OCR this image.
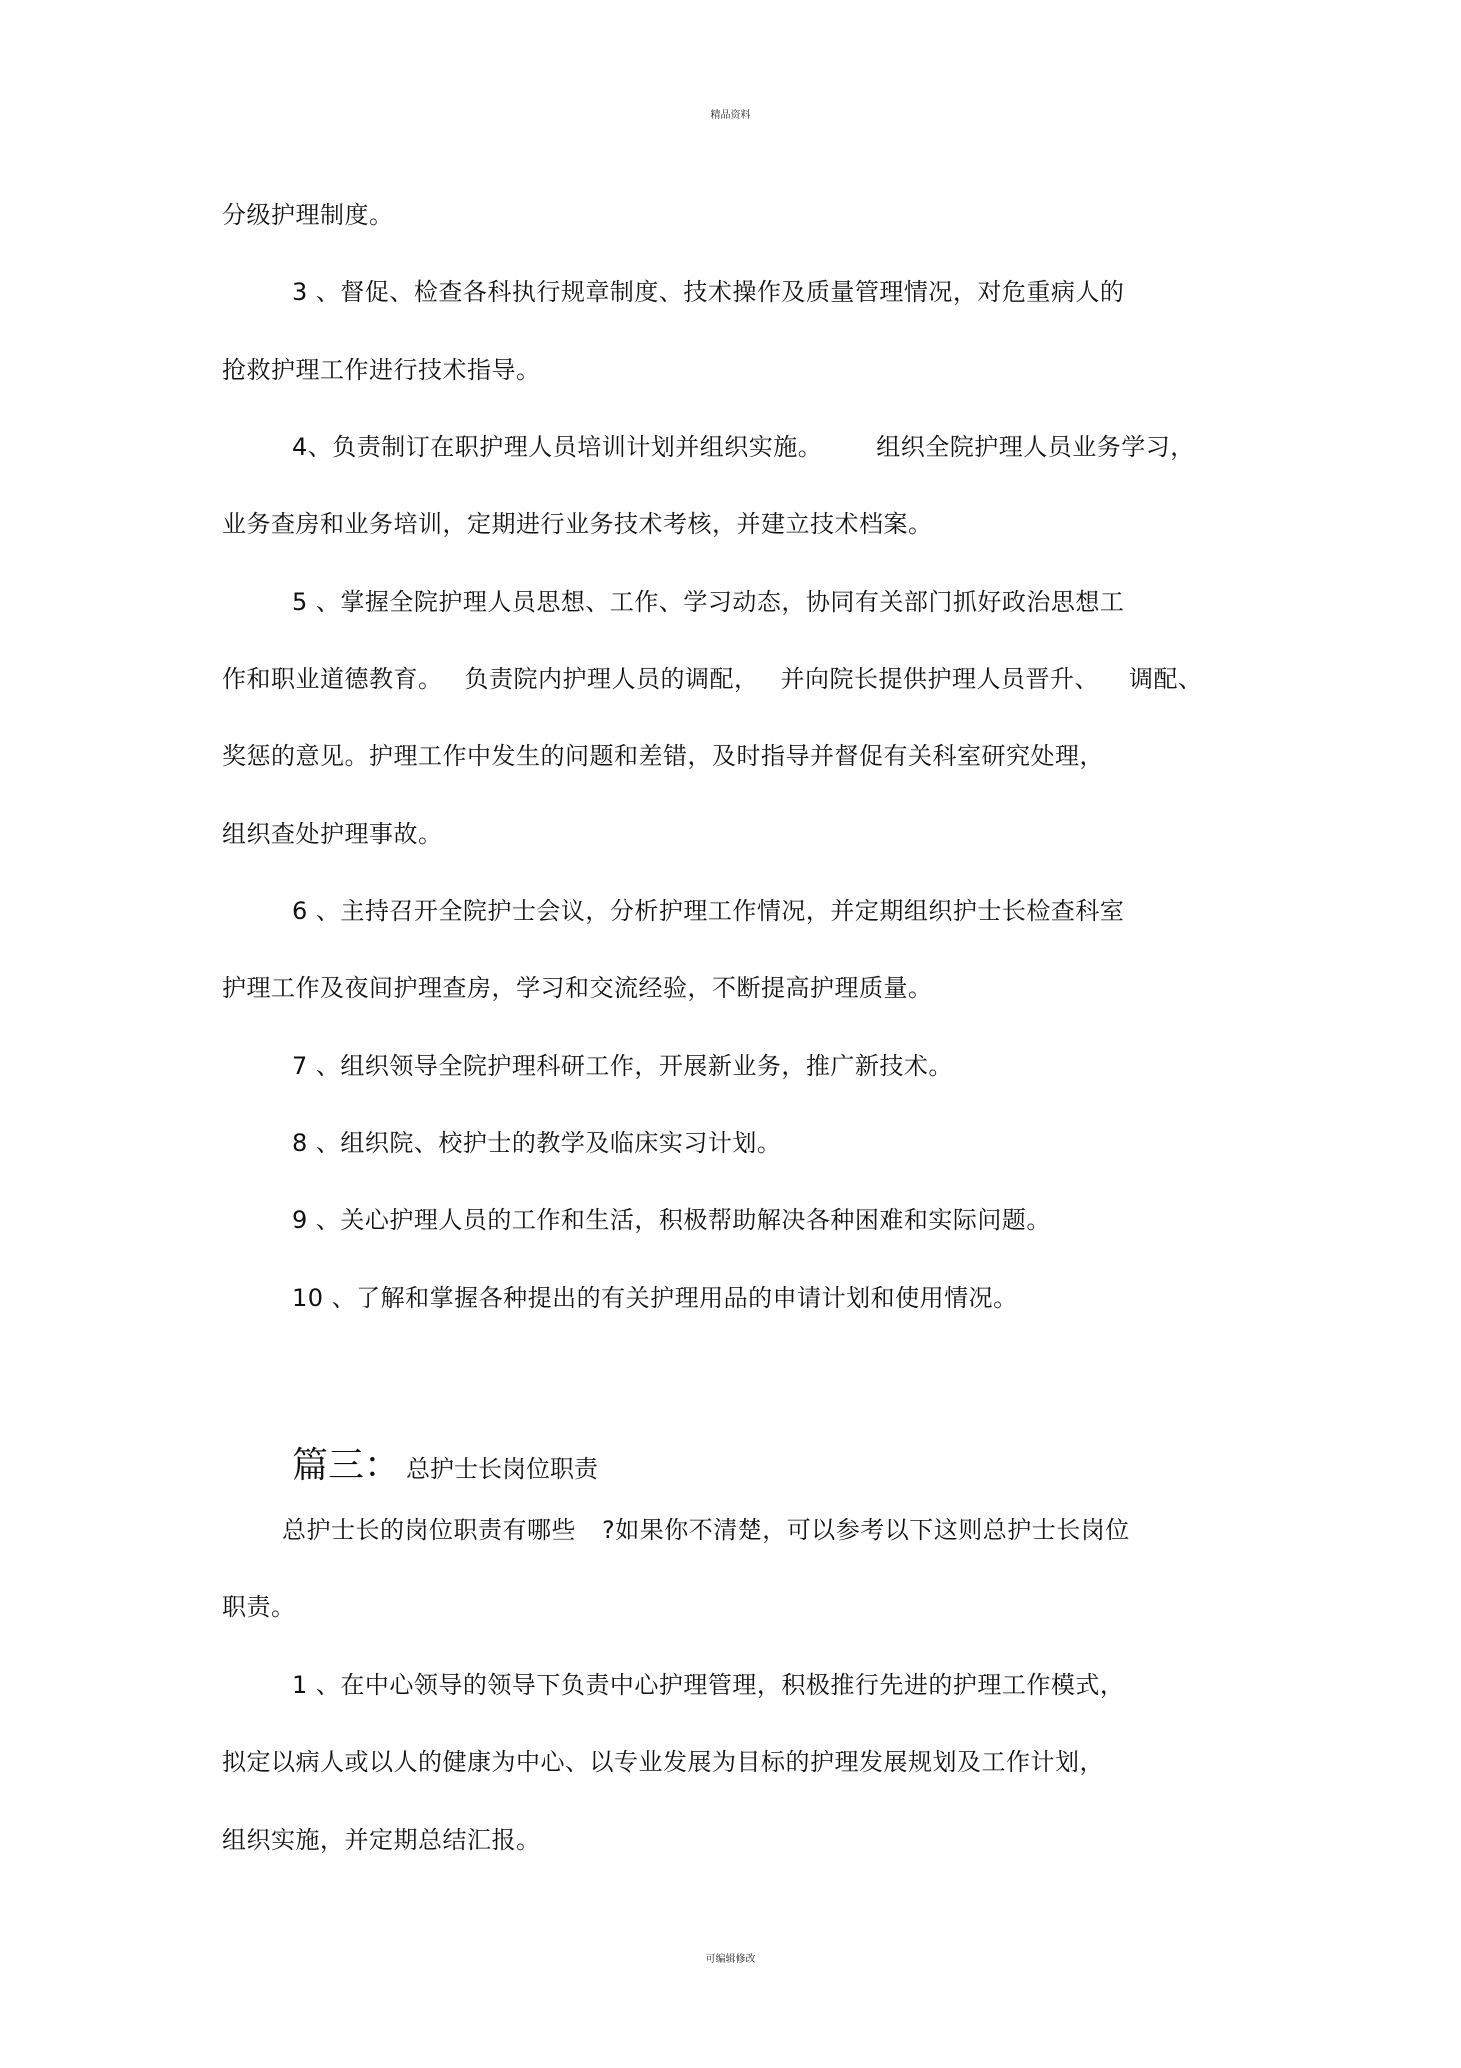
精品资料
分级护理制度。
3 、督促、检查各科执行规章制度、技术操作及质量管理情况，对危重病人的
抢救护理工作进行技术指导。
4、负责制订在职护理人员培训计划并组织实施。 组织全院护理人员业务学习，
业务查房和业务培训，定期进行业务技术考核，并建立技术档案。
5 、掌握全院护理人员思想、工作、学习动态，协同有关部门抓好政治思想工
作和职业道德教育。 负责院内护理人员的调配， 并向院长提供护理人员晋升、 调配、
奖惩的意见。护理工作中发生的问题和差错，及时指导并督促有关科室研究处理，
组织查处护理事故。
6 、主持召开全院护士会议，分析护理工作情况，并定期组织护士长检查科室
护理工作及夜间护理查房，学习和交流经验，不断提高护理质量。
7 、组织领导全院护理科研工作，开展新业务，推广新技术。
8 、组织院、校护士的教学及临床实习计划。
9 、关心护理人员的工作和生活，积极帮助解决各种困难和实际问题。
10 、了解和掌握各种提出的有关护理用品的申请计划和使用情况。
篇三： 总护士长岗位职责
总护士长的岗位职责有哪些 ?如果你不清楚，可以参考以下这则总护士长岗位
职责。
1 、在中心领导的领导下负责中心护理管理，积极推行先进的护理工作模式，
拟定以病人或以人的健康为中心、以专业发展为目标的护理发展规划及工作计划，
组织实施，并定期总结汇报。
可编辑修改
